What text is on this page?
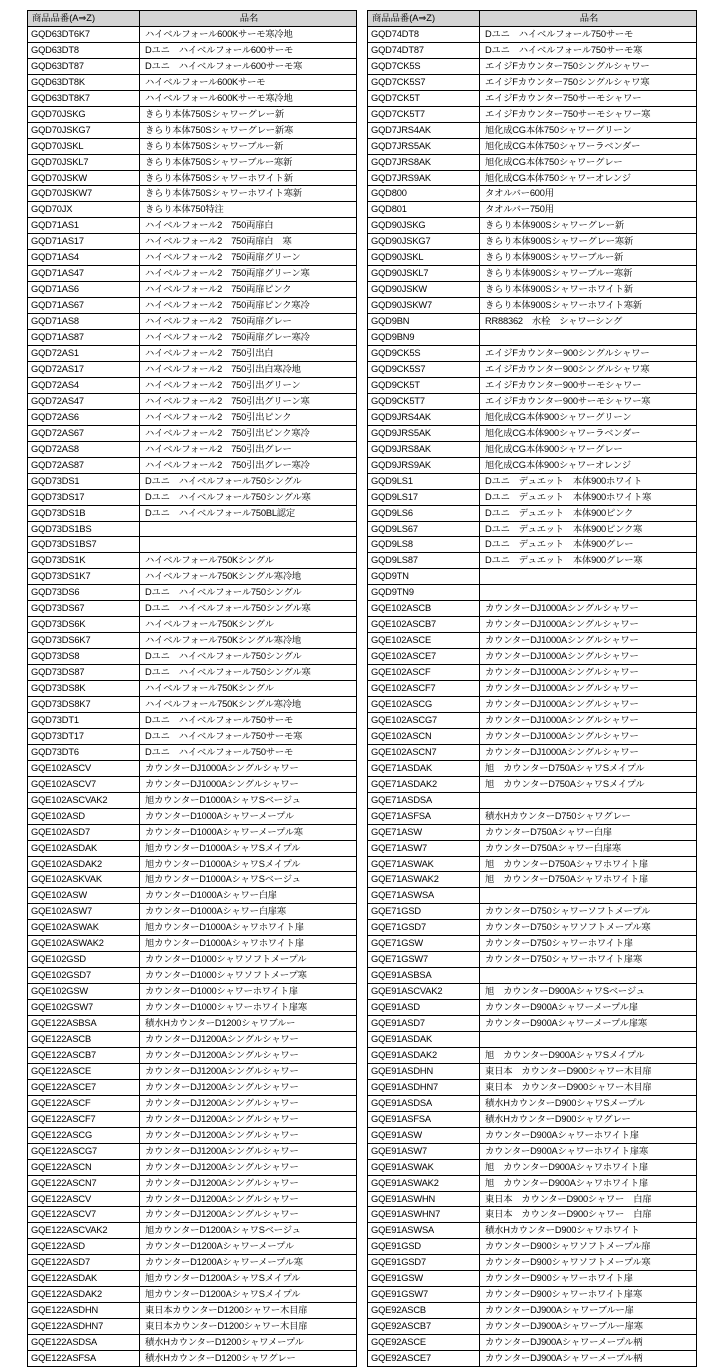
商品品番(A⇒Z)	品名
GQD63DT6K7	ハイベルフォール600Kサーモ寒冷地
GQD63DT8	Dユニ　ハイベルフォール600サーモ
GQD63DT87	Dユニ　ハイベルフォール600サーモ寒
GQD63DT8K	ハイベルフォール600Kサーモ
GQD63DT8K7	ハイベルフォール600Kサーモ寒冷地
GQD70JSKG	きらり本体750Sシャワーグレー新
GQD70JSKG7	きらり本体750Sシャワーグレー新寒
GQD70JSKL	きらり本体750Sシャワーブルー新
GQD70JSKL7	きらり本体750Sシャワーブルー寒新
GQD70JSKW	きらり本体750Sシャワーホワイト新
GQD70JSKW7	きらり本体750Sシャワーホワイト寒新
GQD70JX	きらり本体750特注
GQD71AS1	ハイベルフォール2　750両扉白
GQD71AS17	ハイベルフォール2　750両扉白　寒
GQD71AS4	ハイベルフォール2　750両扉グリーン
GQD71AS47	ハイベルフォール2　750両扉グリーン寒
GQD71AS6	ハイベルフォール2　750両扉ピンク
GQD71AS67	ハイベルフォール2　750両扉ピンク寒冷
GQD71AS8	ハイベルフォール2　750両扉グレー
GQD71AS87	ハイベルフォール2　750両扉グレー寒冷
GQD72AS1	ハイベルフォール2　750引出白
GQD72AS17	ハイベルフォール2　750引出白寒冷地
GQD72AS4	ハイベルフォール2　750引出グリーン
GQD72AS47	ハイベルフォール2　750引出グリーン寒
GQD72AS6	ハイベルフォール2　750引出ピンク
GQD72AS67	ハイベルフォール2　750引出ピンク寒冷
GQD72AS8	ハイベルフォール2　750引出グレー
GQD72AS87	ハイベルフォール2　750引出グレー寒冷
GQD73DS1	Dユニ　ハイベルフォール750シングル
GQD73DS17	Dユニ　ハイベルフォール750シングル寒
GQD73DS1B	Dユニ　ハイベルフォール750BL認定
GQD73DS1BS	
GQD73DS1BS7	
GQD73DS1K	ハイベルフォール750Kシングル
GQD73DS1K7	ハイベルフォール750Kシングル寒冷地
GQD73DS6	Dユニ　ハイベルフォール750シングル
GQD73DS67	Dユニ　ハイベルフォール750シングル寒
GQD73DS6K	ハイベルフォール750Kシングル
GQD73DS6K7	ハイベルフォール750Kシングル寒冷地
GQD73DS8	Dユニ　ハイベルフォール750シングル
GQD73DS87	Dユニ　ハイベルフォール750シングル寒
GQD73DS8K	ハイベルフォール750Kシングル
GQD73DS8K7	ハイベルフォール750Kシングル寒冷地
GQD73DT1	Dユニ　ハイベルフォール750サーモ
GQD73DT17	Dユニ　ハイベルフォール750サーモ寒
GQD73DT6	Dユニ　ハイベルフォール750サーモ
GQE102ASCV	カウンターDJ1000Aシングルシャワー
GQE102ASCV7	カウンターDJ1000Aシングルシャワー
GQE102ASCVAK2	旭カウンターD1000AシャワSベージュ
GQE102ASD	カウンターD1000Aシャワーメープル
GQE102ASD7	カウンターD1000Aシャワーメープル寒
GQE102ASDAK	旭カウンターD1000AシャワSメイプル
GQE102ASDAK2	旭カウンターD1000AシャワSメイプル
GQE102ASKVAK	旭カウンターD1000AシャワSベージュ
GQE102ASW	カウンターD1000Aシャワー白扉
GQE102ASW7	カウンターD1000Aシャワー白扉寒
GQE102ASWAK	旭カウンターD1000Aシャワホワイト扉
GQE102ASWAK2	旭カウンターD1000Aシャワホワイト扉
GQE102GSD	カウンターD1000シャワソフトメープル
GQE102GSD7	カウンターD1000シャワソフトメープ寒
GQE102GSW	カウンターD1000シャワーホワイト扉
GQE102GSW7	カウンターD1000シャワーホワイト扉寒
GQE122ASBSA	積水HカウンターD1200シャワブルー
GQE122ASCB	カウンターDJ1200Aシングルシャワー
GQE122ASCB7	カウンターDJ1200Aシングルシャワー
GQE122ASCE	カウンターDJ1200Aシングルシャワー
GQE122ASCE7	カウンターDJ1200Aシングルシャワー
GQE122ASCF	カウンターDJ1200Aシングルシャワー
GQE122ASCF7	カウンターDJ1200Aシングルシャワー
GQE122ASCG	カウンターDJ1200Aシングルシャワー
GQE122ASCG7	カウンターDJ1200Aシングルシャワー
GQE122ASCN	カウンターDJ1200Aシングルシャワー
GQE122ASCN7	カウンターDJ1200Aシングルシャワー
GQE122ASCV	カウンターDJ1200Aシングルシャワー
GQE122ASCV7	カウンターDJ1200Aシングルシャワー
GQE122ASCVAK2	旭カウンターD1200AシャワSベージュ
GQE122ASD	カウンターD1200Aシャワーメープル
GQE122ASD7	カウンターD1200Aシャワーメープル寒
GQE122ASDAK	旭カウンターD1200AシャワSメイプル
GQE122ASDAK2	旭カウンターD1200AシャワSメイプル
GQE122ASDHN	東日本カウンターD1200シャワー木目扉
GQE122ASDHN7	東日本カウンターD1200シャワー木目扉
GQE122ASDSA	積水HカウンターD1200シャワメープル
GQE122ASFSA	積水HカウンターD1200シャワグレー
商品品番(A⇒Z)	品名
GQD74DT8	Dユニ　ハイベルフォール750サーモ
GQD74DT87	Dユニ　ハイベルフォール750サーモ寒
GQD7CK5S	エイジFカウンター750シングルシャワー
GQD7CK5S7	エイジFカウンター750シングルシャワ寒
GQD7CK5T	エイジFカウンター750サーモシャワー
GQD7CK5T7	エイジFカウンター750サーモシャワー寒
GQD7JRS4AK	旭化成CG本体750シャワーグリーン
GQD7JRS5AK	旭化成CG本体750シャワーラベンダー
GQD7JRS8AK	旭化成CG本体750シャワーグレー
GQD7JRS9AK	旭化成CG本体750シャワーオレンジ
GQD800	タオルバー600用
GQD801	タオルバー750用
GQD90JSKG	きらり本体900Sシャワーグレー新
GQD90JSKG7	きらり本体900Sシャワーグレー寒新
GQD90JSKL	きらり本体900Sシャワーブルー新
GQD90JSKL7	きらり本体900Sシャワーブルー寒新
GQD90JSKW	きらり本体900Sシャワーホワイト新
GQD90JSKW7	きらり本体900Sシャワーホワイト寒新
GQD9BN	RR88362　水栓　シャワーシング
GQD9BN9	
GQD9CK5S	エイジFカウンター900シングルシャワー
GQD9CK5S7	エイジFカウンター900シングルシャワ寒
GQD9CK5T	エイジFカウンター900サーモシャワー
GQD9CK5T7	エイジFカウンター900サーモシャワー寒
GQD9JRS4AK	旭化成CG本体900シャワーグリーン
GQD9JRS5AK	旭化成CG本体900シャワーラベンダー
GQD9JRS8AK	旭化成CG本体900シャワーグレー
GQD9JRS9AK	旭化成CG本体900シャワーオレンジ
GQD9LS1	Dユニ　デュエット　本体900ホワイト
GQD9LS17	Dユニ　デュエット　本体900ホワイト寒
GQD9LS6	Dユニ　デュエット　本体900ピンク
GQD9LS67	Dユニ　デュエット　本体900ピンク寒
GQD9LS8	Dユニ　デュエット　本体900グレー
GQD9LS87	Dユニ　デュエット　本体900グレー寒
GQD9TN	
GQD9TN9	
GQE102ASCB	カウンターDJ1000Aシングルシャワー
GQE102ASCB7	カウンターDJ1000Aシングルシャワー
GQE102ASCE	カウンターDJ1000Aシングルシャワー
GQE102ASCE7	カウンターDJ1000Aシングルシャワー
GQE102ASCF	カウンターDJ1000Aシングルシャワー
GQE102ASCF7	カウンターDJ1000Aシングルシャワー
GQE102ASCG	カウンターDJ1000Aシングルシャワー
GQE102ASCG7	カウンターDJ1000Aシングルシャワー
GQE102ASCN	カウンターDJ1000Aシングルシャワー
GQE102ASCN7	カウンターDJ1000Aシングルシャワー
GQE71ASDAK	旭　カウンターD750AシャワSメイプル
GQE71ASDAK2	旭　カウンターD750AシャワSメイプル
GQE71ASDSA	
GQE71ASFSA	積水HカウンターD750シャワグレー
GQE71ASW	カウンターD750Aシャワー白扉
GQE71ASW7	カウンターD750Aシャワー白扉寒
GQE71ASWAK	旭　カウンターD750Aシャワホワイト扉
GQE71ASWAK2	旭　カウンターD750Aシャワホワイト扉
GQE71ASWSA	
GQE71GSD	カウンターD750シャワーソフトメープル
GQE71GSD7	カウンターD750シャワソフトメープル寒
GQE71GSW	カウンターD750シャワーホワイト扉
GQE71GSW7	カウンターD750シャワーホワイト扉寒
GQE91ASBSA	
GQE91ASCVAK2	旭　カウンターD900AシャワSベージュ
GQE91ASD	カウンターD900Aシャワーメープル扉
GQE91ASD7	カウンターD900Aシャワーメープル扉寒
GQE91ASDAK	
GQE91ASDAK2	旭　カウンターD900AシャワSメイプル
GQE91ASDHN	東日本　カウンターD900シャワー木目扉
GQE91ASDHN7	東日本　カウンターD900シャワー木目扉
GQE91ASDSA	積水HカウンターD900シャワSメープル
GQE91ASFSA	積水HカウンターD900シャワグレー
GQE91ASW	カウンターD900Aシャワーホワイト扉
GQE91ASW7	カウンターD900Aシャワーホワイト扉寒
GQE91ASWAK	旭　カウンターD900Aシャワホワイト扉
GQE91ASWAK2	旭　カウンターD900Aシャワホワイト扉
GQE91ASWHN	東日本　カウンターD900シャワー　白扉
GQE91ASWHN7	東日本　カウンターD900シャワー　白扉
GQE91ASWSA	積水HカウンターD900シャワホワイト
GQE91GSD	カウンターD900シャワソフトメープル扉
GQE91GSD7	カウンターD900シャワソフトメープル寒
GQE91GSW	カウンターD900シャワーホワイト扉
GQE91GSW7	カウンターD900シャワーホワイト扉寒
GQE92ASCB	カウンターDJ900Aシャワーブルー扉
GQE92ASCB7	カウンターDJ900Aシャワーブルー扉寒
GQE92ASCE	カウンターDJ900Aシャワーメープル柄
GQE92ASCE7	カウンターDJ900Aシャワーメープル柄
